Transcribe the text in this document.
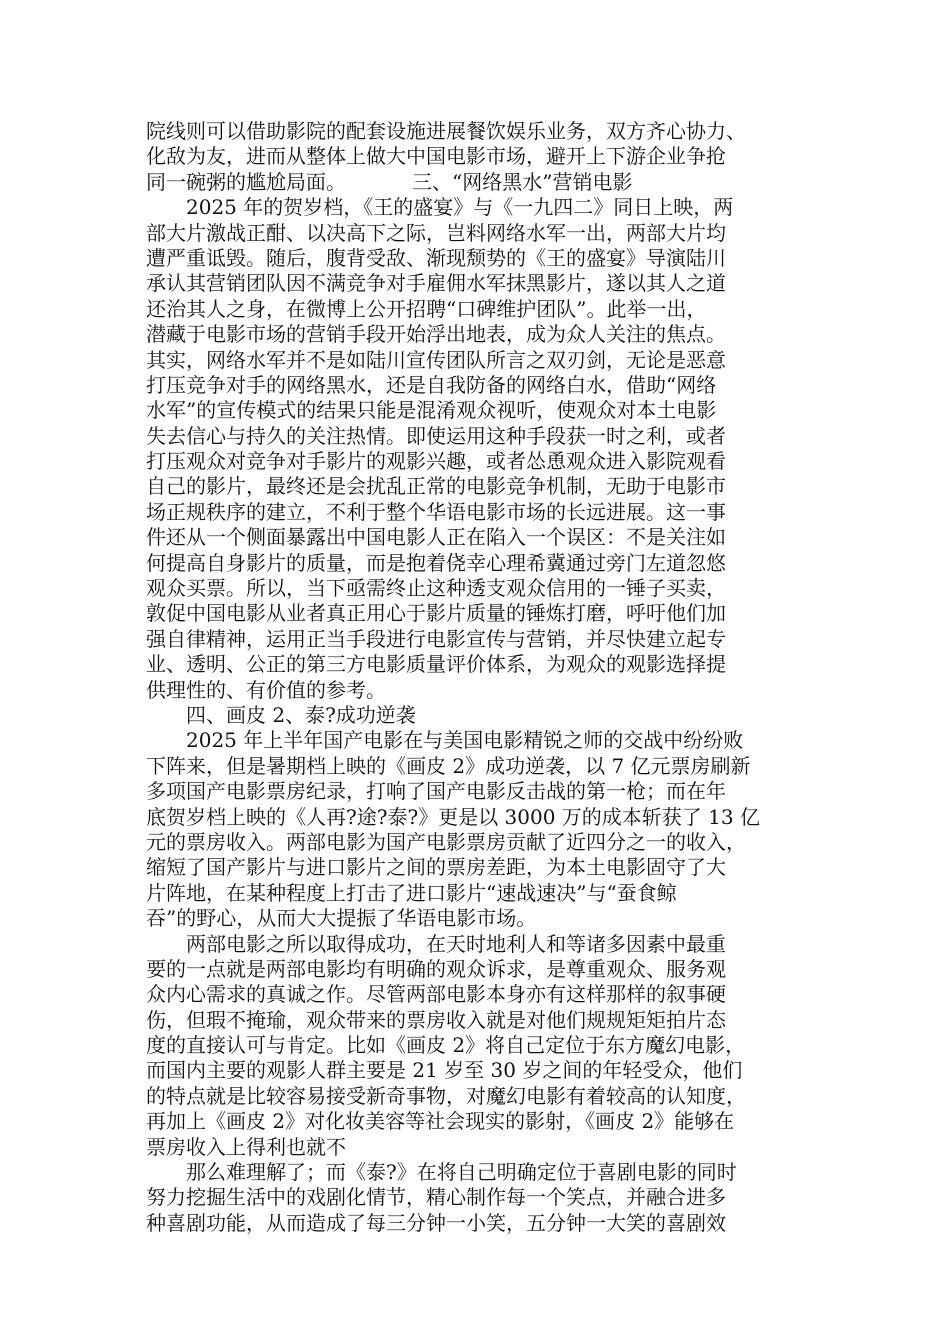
院线则可以借助影院的配套设施进展餐饮娱乐业务，双方齐心协力、
化敌为友，进而从整体上做大中国电影市场，避开上下游企业争抢
同一碗粥的尴尬局面。	三、“网络黑水”营销电影
2025 年的贺岁档，《王的盛宴》与《一九四二》同日上映，两
部大片激战正酣、以决高下之际，岂料网络水军一出，两部大片均
遭严重诋毁。随后，腹背受敌、渐现颓势的《王的盛宴》导演陆川
承认其营销团队因不满竞争对手雇佣水军抹黑影片，遂以其人之道
还治其人之身，在微博上公开招聘“口碑维护团队”。此举一出，
潜藏于电影市场的营销手段开始浮出地表，成为众人关注的焦点。
其实，网络水军并不是如陆川宣传团队所言之双刃剑，无论是恶意
打压竞争对手的网络黑水，还是自我防备的网络白水，借助“网络
水军”的宣传模式的结果只能是混淆观众视听，使观众对本土电影
失去信心与持久的关注热情。即使运用这种手段获一时之利，或者
打压观众对竞争对手影片的观影兴趣，或者怂恿观众进入影院观看
自己的影片，最终还是会扰乱正常的电影竞争机制，无助于电影市
场正规秩序的建立，不利于整个华语电影市场的长远进展。这一事
件还从一个侧面暴露出中国电影人正在陷入一个误区：不是关注如
何提高自身影片的质量，而是抱着侥幸心理希冀通过旁门左道忽悠
观众买票。所以，当下亟需终止这种透支观众信用的一锤子买卖，
敦促中国电影从业者真正用心于影片质量的锤炼打磨，呼吁他们加
强自律精神，运用正当手段进行电影宣传与营销，并尽快建立起专
业、透明、公正的第三方电影质量评价体系，为观众的观影选择提
供理性的、有价值的参考。
四、画皮 2、泰?成功逆袭
2025 年上半年国产电影在与美国电影精锐之师的交战中纷纷败
下阵来，但是暑期档上映的《画皮 2》成功逆袭，以 7 亿元票房刷新
多项国产电影票房纪录，打响了国产电影反击战的第一枪；而在年
底贺岁档上映的《人再?途?泰?》更是以 3000 万的成本斩获了 13 亿
元的票房收入。两部电影为国产电影票房贡献了近四分之一的收入，
缩短了国产影片与进口影片之间的票房差距，为本土电影固守了大
片阵地，在某种程度上打击了进口影片“速战速决”与“蚕食鲸
吞”的野心，从而大大提振了华语电影市场。
两部电影之所以取得成功，在天时地利人和等诸多因素中最重
要的一点就是两部电影均有明确的观众诉求，是尊重观众、服务观
众内心需求的真诚之作。尽管两部电影本身亦有这样那样的叙事硬
伤，但瑕不掩瑜，观众带来的票房收入就是对他们规规矩矩拍片态
度的直接认可与肯定。比如《画皮 2》将自己定位于东方魔幻电影，
而国内主要的观影人群主要是 21 岁至 30 岁之间的年轻受众，他们
的特点就是比较容易接受新奇事物，对魔幻电影有着较高的认知度，
再加上《画皮 2》对化妆美容等社会现实的影射，《画皮 2》能够在
票房收入上得利也就不
那么难理解了；而《泰?》在将自己明确定位于喜剧电影的同时
努力挖掘生活中的戏剧化情节，精心制作每一个笑点，并融合进多
种喜剧功能，从而造成了每三分钟一小笑，五分钟一大笑的喜剧效
